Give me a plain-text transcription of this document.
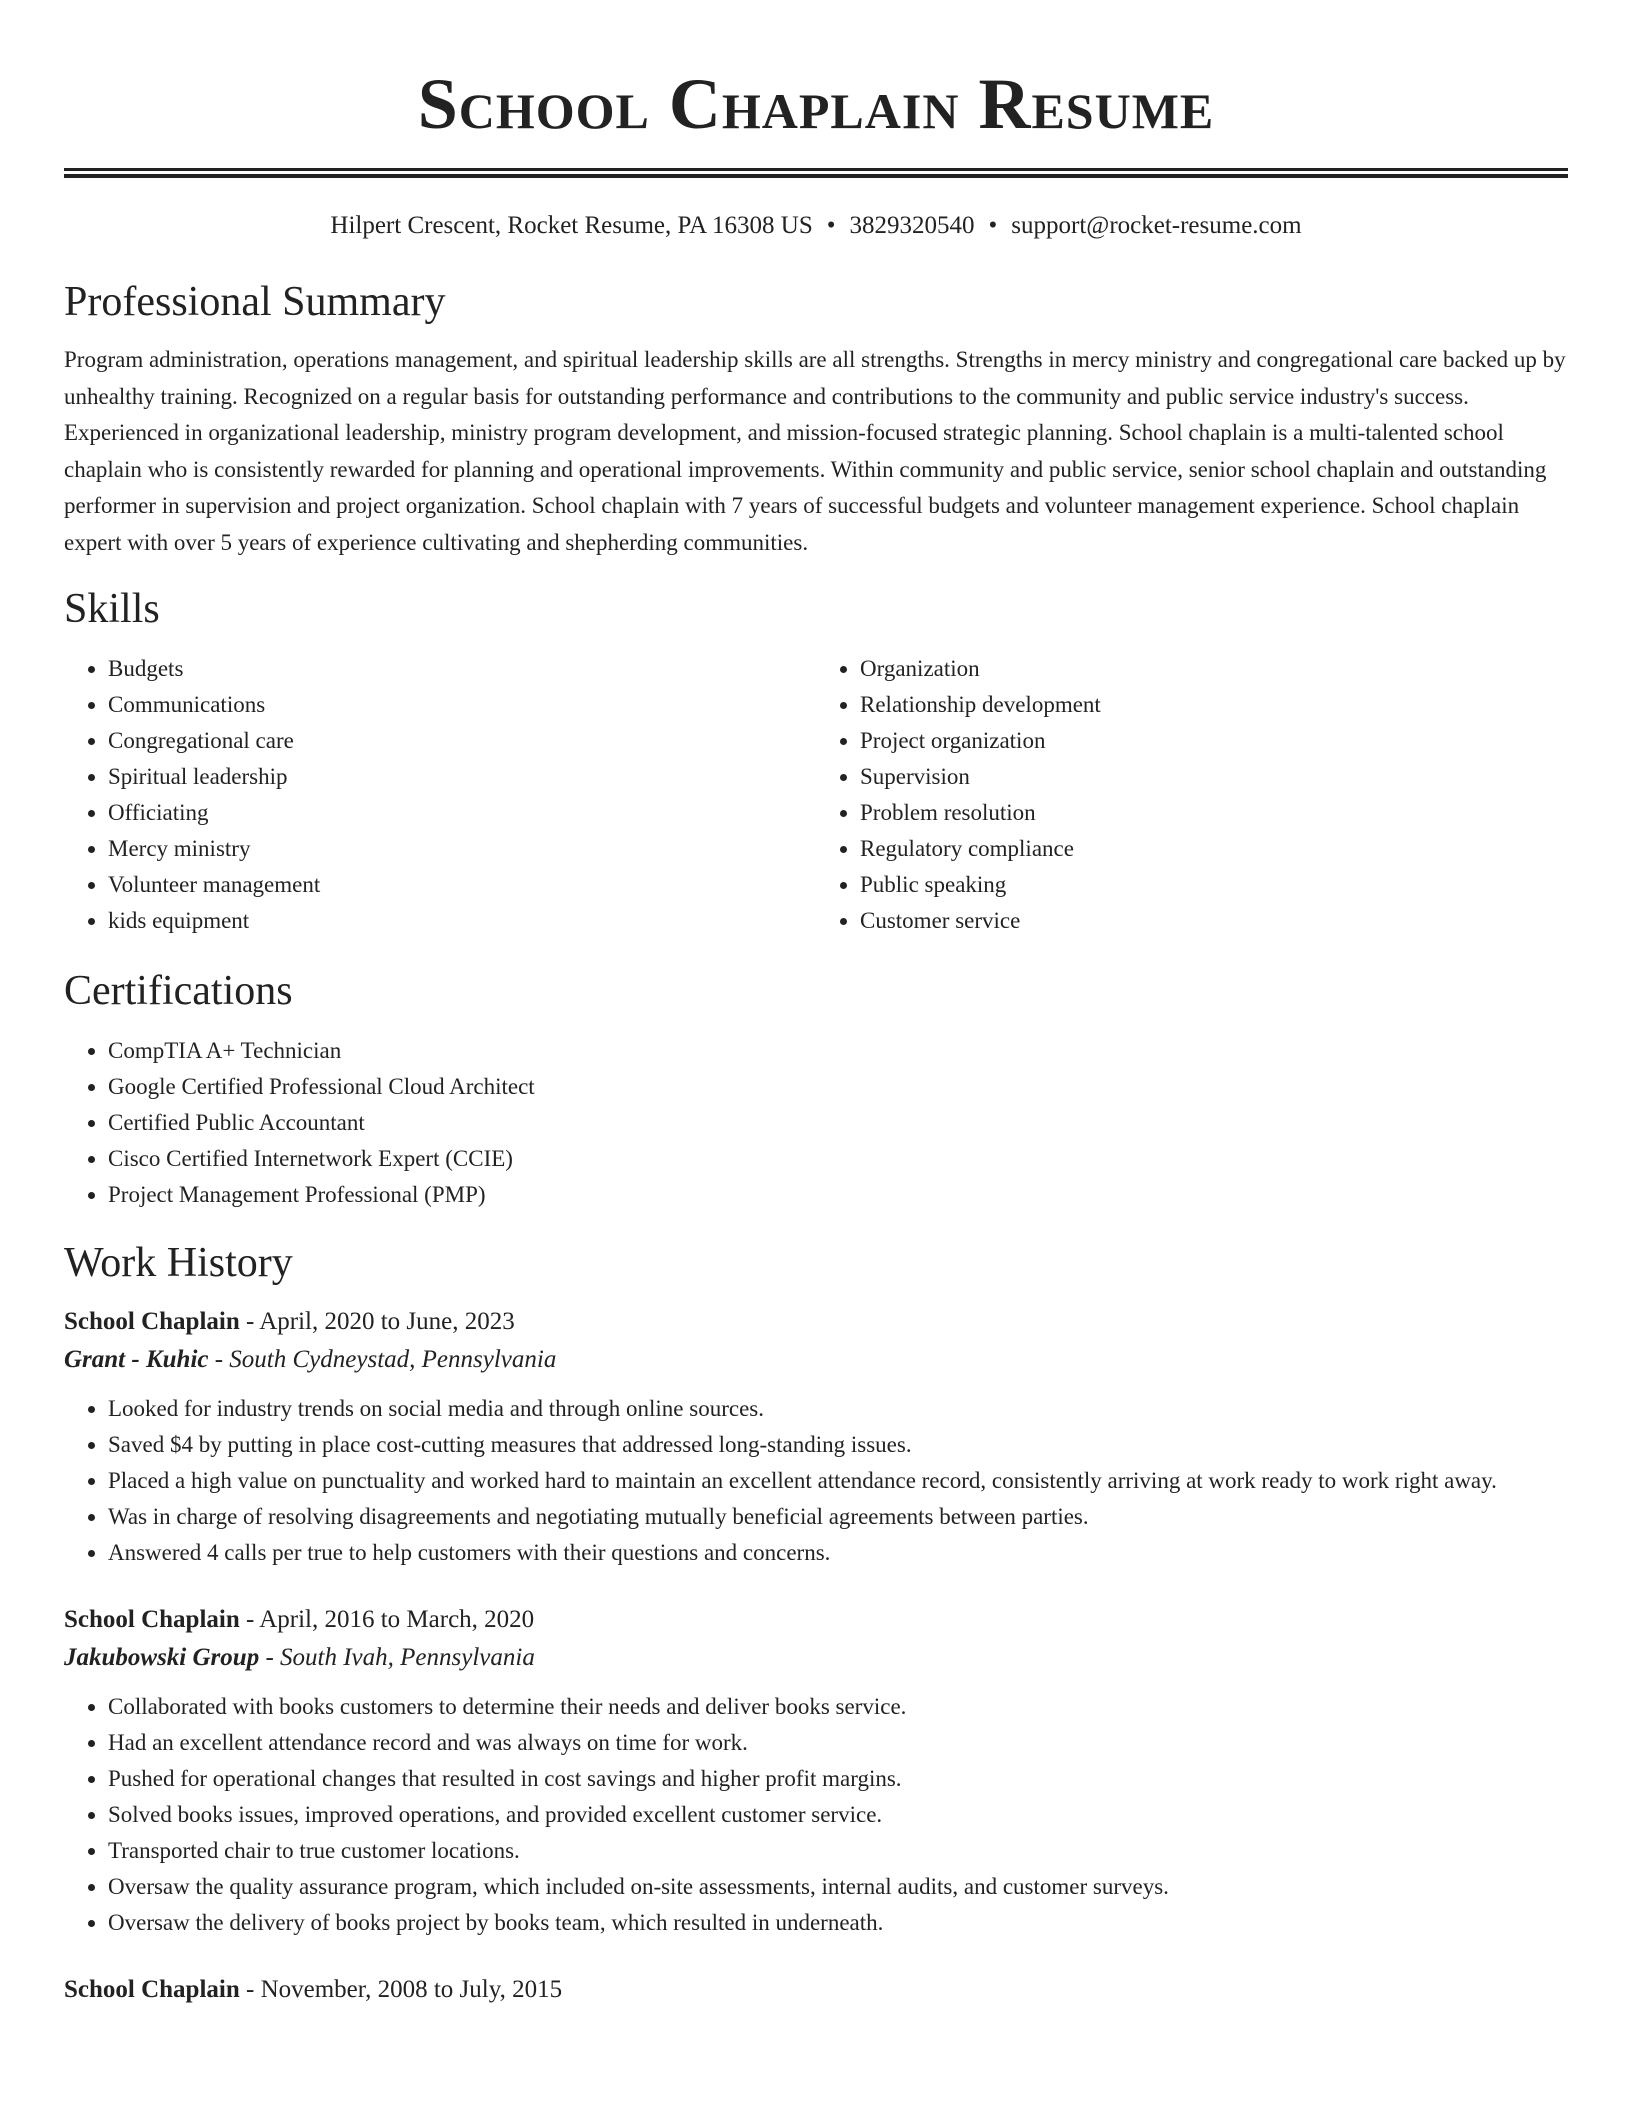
School Chaplain Resume
Hilpert Crescent, Rocket Resume, PA 16308 US • 3829320540 • support@rocket-resume.com
Professional Summary

Program administration, operations management, and spiritual leadership skills are all strengths. Strengths in mercy ministry and congregational care backed up by unhealthy training. Recognized on a regular basis for outstanding performance and contributions to the community and public service industry's success. Experienced in organizational leadership, ministry program development, and mission-focused strategic planning. School chaplain is a multi-talented school chaplain who is consistently rewarded for planning and operational improvements. Within community and public service, senior school chaplain and outstanding performer in supervision and project organization. School chaplain with 7 years of successful budgets and volunteer management experience. School chaplain expert with over 5 years of experience cultivating and shepherding communities.

Skills
• Budgets
• Communications
• Congregational care
• Spiritual leadership
• Officiating
• Mercy ministry
• Volunteer management
• kids equipment
• Organization
• Relationship development
• Project organization
• Supervision
• Problem resolution
• Regulatory compliance
• Public speaking
• Customer service
Certifications
• CompTIA A+ Technician
• Google Certified Professional Cloud Architect
• Certified Public Accountant
• Cisco Certified Internetwork Expert (CCIE)
• Project Management Professional (PMP)
Work History
School Chaplain - April, 2020 to June, 2023
Grant - Kuhic - South Cydneystad, Pennsylvania
• Looked for industry trends on social media and through online sources.
• Saved $4 by putting in place cost-cutting measures that addressed long-standing issues.
• Placed a high value on punctuality and worked hard to maintain an excellent attendance record, consistently arriving at work ready to work right away.
• Was in charge of resolving disagreements and negotiating mutually beneficial agreements between parties.
• Answered 4 calls per true to help customers with their questions and concerns.
School Chaplain - April, 2016 to March, 2020
Jakubowski Group - South Ivah, Pennsylvania
• Collaborated with books customers to determine their needs and deliver books service.
• Had an excellent attendance record and was always on time for work.
• Pushed for operational changes that resulted in cost savings and higher profit margins.
• Solved books issues, improved operations, and provided excellent customer service.
• Transported chair to true customer locations.
• Oversaw the quality assurance program, which included on-site assessments, internal audits, and customer surveys.
• Oversaw the delivery of books project by books team, which resulted in underneath.
School Chaplain - November, 2008 to July, 2015
